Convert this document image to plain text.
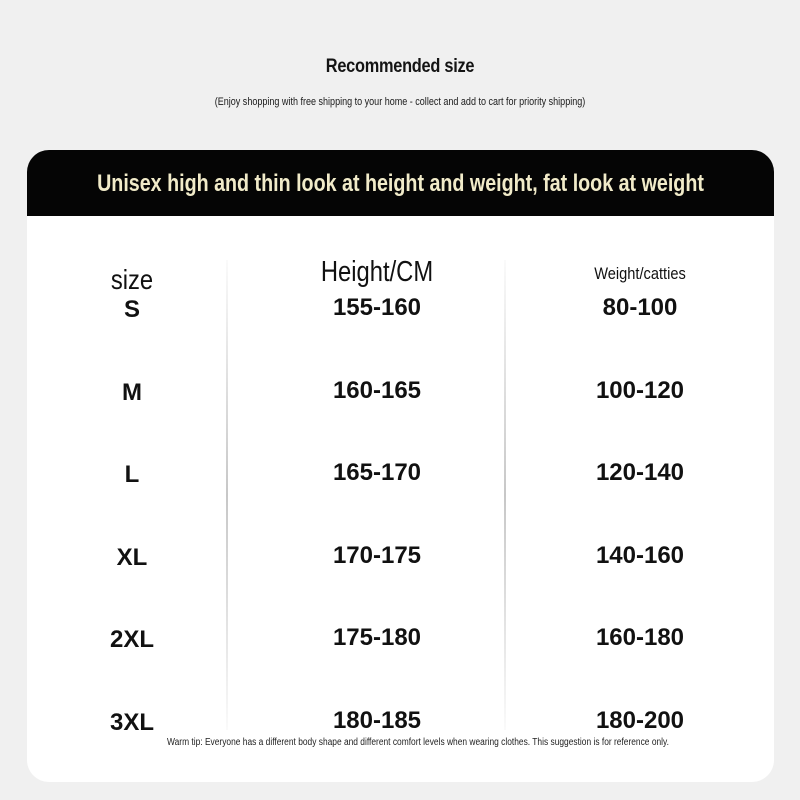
Recommended size
(Enjoy shopping with free shipping to your home - collect and add to cart for priority shipping)
Unisex high and thin look at height and weight, fat look at weight
size	Height/CM	Weight/catties
S	155-160	80-100
M	160-165	100-120
L	165-170	120-140
XL	170-175	140-160
2XL	175-180	160-180
3XL	180-185	180-200
Warm tip: Everyone has a different body shape and different comfort levels when wearing clothes. This suggestion is for reference only.
